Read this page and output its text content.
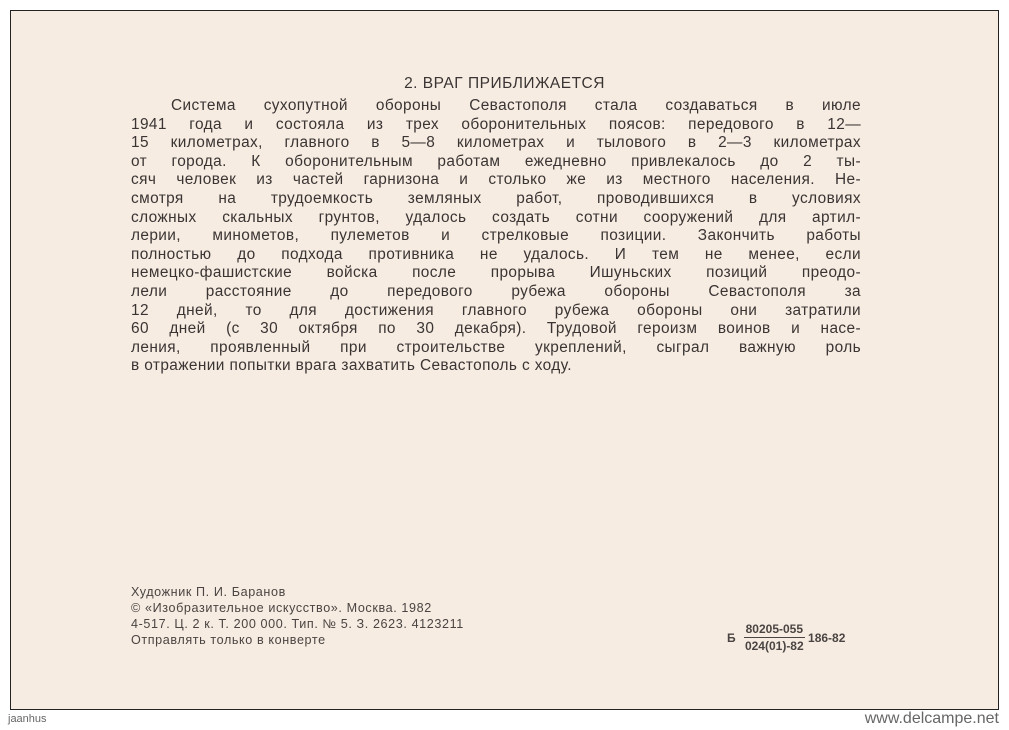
2. ВРАГ ПРИБЛИЖАЕТСЯ
Система сухопутной обороны Севастополя стала создаваться в июле
1941 года и состояла из трех оборонительных поясов: передового в 12—
15 километрах, главного в 5—8 километрах и тылового в 2—3 километрах
от города. К оборонительным работам ежедневно привлекалось до 2 ты-
сяч человек из частей гарнизона и столько же из местного населения. Не-
смотря на трудоемкость земляных работ, проводившихся в условиях
сложных скальных грунтов, удалось создать сотни сооружений для артил-
лерии, минометов, пулеметов и стрелковые позиции. Закончить работы
полностью до подхода противника не удалось. И тем не менее, если
немецко-фашистские войска после прорыва Ишуньских позиций преодо-
лели расстояние до передового рубежа обороны Севастополя за
12 дней, то для достижения главного рубежа обороны они затратили
60 дней (с 30 октября по 30 декабря). Трудовой героизм воинов и насе-
ления, проявленный при строительстве укреплений, сыграл важную роль
в отражении попытки врага захватить Севастополь с ходу.
Художник П. И. Баранов
© «Изобразительное искусство». Москва. 1982
4-517. Ц. 2 к. Т. 200 000. Тип. № 5. З. 2623. 4123211
Отправлять только в конверте	Б $\frac{80205-055}{024(01)-82} 186-82$
jaanhus	www.delcampe.net
